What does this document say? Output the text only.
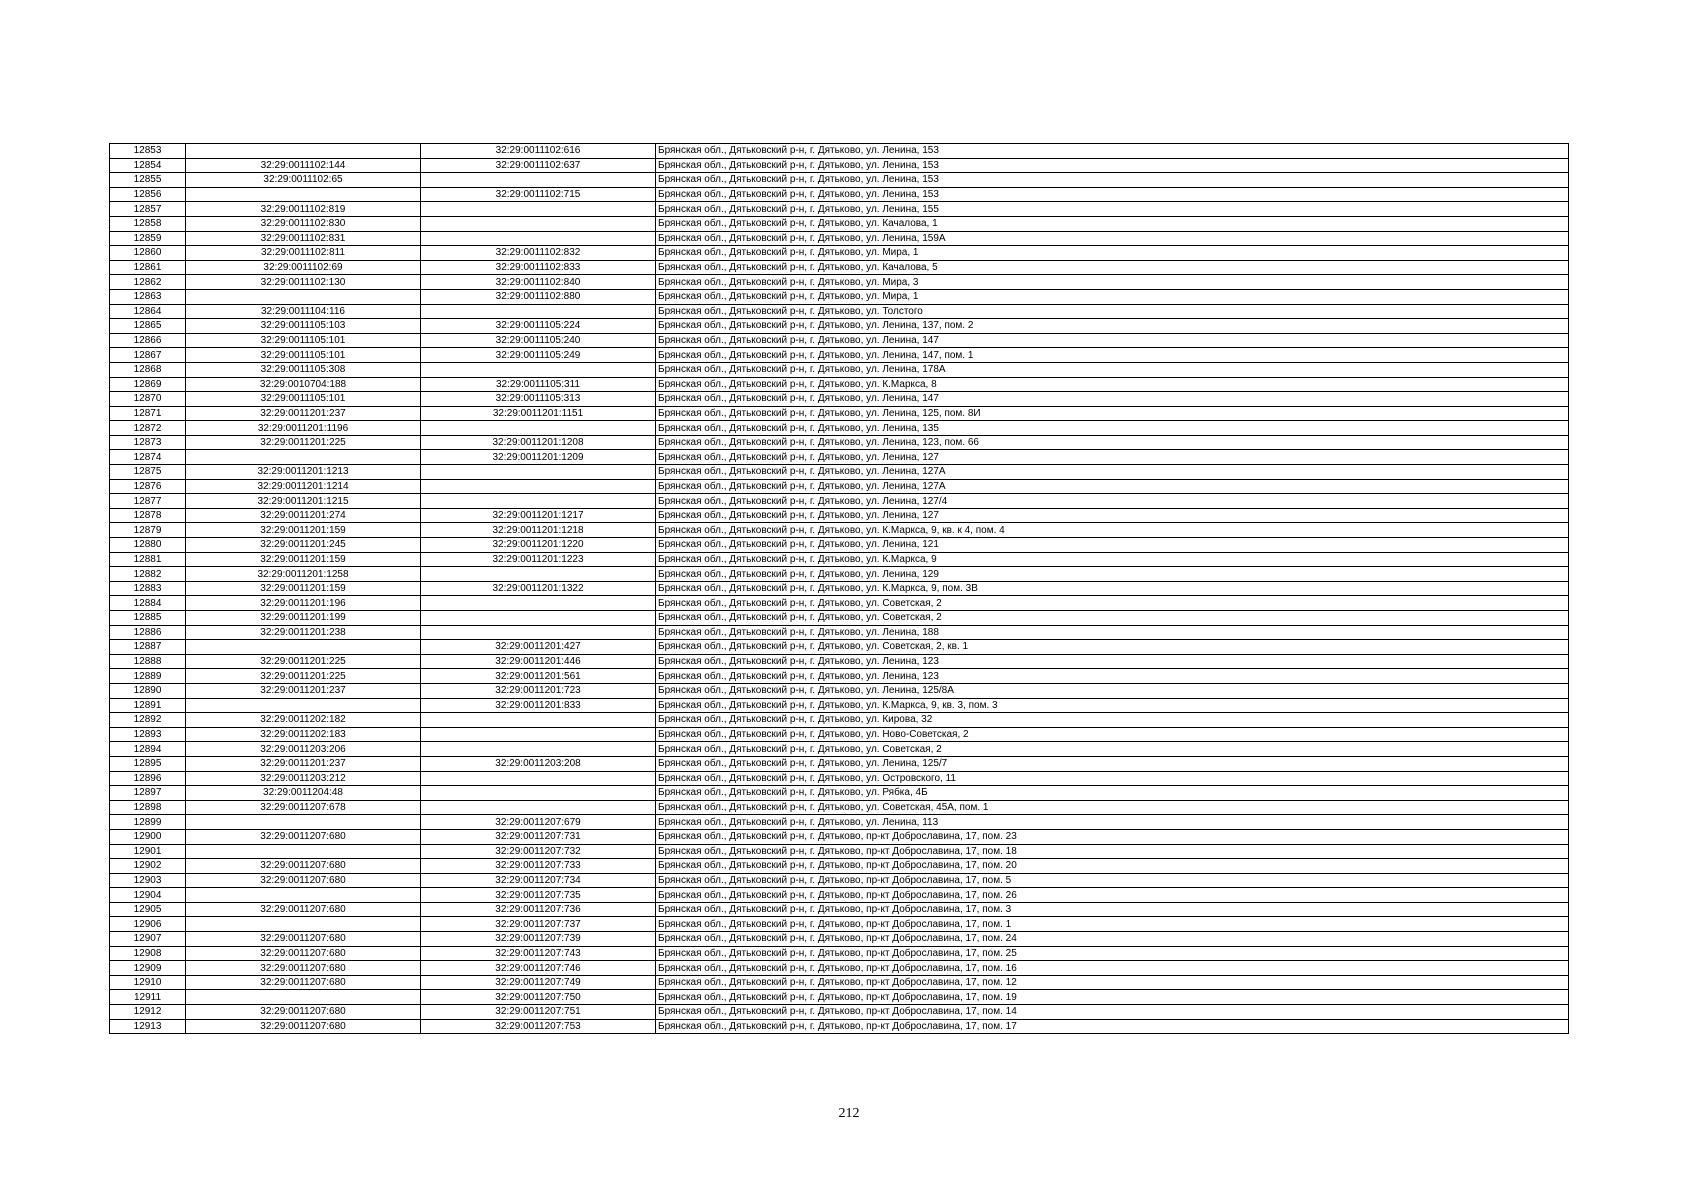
12853		32:29:0011102:616	Брянская обл., Дятьковский р-н, г. Дятьково, ул. Ленина, 153
12854	32:29:0011102:144	32:29:0011102:637	Брянская обл., Дятьковский р-н, г. Дятьково, ул. Ленина, 153
12855	32:29:0011102:65		Брянская обл., Дятьковский р-н, г. Дятьково, ул. Ленина, 153
12856		32:29:0011102:715	Брянская обл., Дятьковский р-н, г. Дятьково, ул. Ленина, 153
12857	32:29:0011102:819		Брянская обл., Дятьковский р-н, г. Дятьково, ул. Ленина, 155
12858	32:29:0011102:830		Брянская обл., Дятьковский р-н, г. Дятьково, ул. Качалова, 1
12859	32:29:0011102:831		Брянская обл., Дятьковский р-н, г. Дятьково, ул. Ленина, 159А
12860	32:29:0011102:811	32:29:0011102:832	Брянская обл., Дятьковский р-н, г. Дятьково, ул. Мира, 1
12861	32:29:0011102:69	32:29:0011102:833	Брянская обл., Дятьковский р-н, г. Дятьково, ул. Качалова, 5
12862	32:29:0011102:130	32:29:0011102:840	Брянская обл., Дятьковский р-н, г. Дятьково, ул. Мира, 3
12863		32:29:0011102:880	Брянская обл., Дятьковский р-н, г. Дятьково, ул. Мира, 1
12864	32:29:0011104:116		Брянская обл., Дятьковский р-н, г. Дятьково, ул. Толстого
12865	32:29:0011105:103	32:29:0011105:224	Брянская обл., Дятьковский р-н, г. Дятьково, ул. Ленина, 137, пом. 2
12866	32:29:0011105:101	32:29:0011105:240	Брянская обл., Дятьковский р-н, г. Дятьково, ул. Ленина, 147
12867	32:29:0011105:101	32:29:0011105:249	Брянская обл., Дятьковский р-н, г. Дятьково, ул. Ленина, 147, пом. 1
12868	32:29:0011105:308		Брянская обл., Дятьковский р-н, г. Дятьково, ул. Ленина, 178А
12869	32:29:0010704:188	32:29:0011105:311	Брянская обл., Дятьковский р-н, г. Дятьково, ул. К.Маркса, 8
12870	32:29:0011105:101	32:29:0011105:313	Брянская обл., Дятьковский р-н, г. Дятьково, ул. Ленина, 147
12871	32:29:0011201:237	32:29:0011201:1151	Брянская обл., Дятьковский р-н, г. Дятьково, ул. Ленина, 125, пом. 8И
12872	32:29:0011201:1196		Брянская обл., Дятьковский р-н, г. Дятьково, ул. Ленина, 135
12873	32:29:0011201:225	32:29:0011201:1208	Брянская обл., Дятьковский р-н, г. Дятьково, ул. Ленина, 123, пом. 66
12874		32:29:0011201:1209	Брянская обл., Дятьковский р-н, г. Дятьково, ул. Ленина, 127
12875	32:29:0011201:1213		Брянская обл., Дятьковский р-н, г. Дятьково, ул. Ленина, 127А
12876	32:29:0011201:1214		Брянская обл., Дятьковский р-н, г. Дятьково, ул. Ленина, 127А
12877	32:29:0011201:1215		Брянская обл., Дятьковский р-н, г. Дятьково, ул. Ленина, 127/4
12878	32:29:0011201:274	32:29:0011201:1217	Брянская обл., Дятьковский р-н, г. Дятьково, ул. Ленина, 127
12879	32:29:0011201:159	32:29:0011201:1218	Брянская обл., Дятьковский р-н, г. Дятьково, ул. К.Маркса, 9, кв. к 4, пом. 4
12880	32:29:0011201:245	32:29:0011201:1220	Брянская обл., Дятьковский р-н, г. Дятьково, ул. Ленина, 121
12881	32:29:0011201:159	32:29:0011201:1223	Брянская обл., Дятьковский р-н, г. Дятьково, ул. К.Маркса, 9
12882	32:29:0011201:1258		Брянская обл., Дятьковский р-н, г. Дятьково, ул. Ленина, 129
12883	32:29:0011201:159	32:29:0011201:1322	Брянская обл., Дятьковский р-н, г. Дятьково, ул. К.Маркса, 9, пом. 3В
12884	32:29:0011201:196		Брянская обл., Дятьковский р-н, г. Дятьково, ул. Советская, 2
12885	32:29:0011201:199		Брянская обл., Дятьковский р-н, г. Дятьково, ул. Советская, 2
12886	32:29:0011201:238		Брянская обл., Дятьковский р-н, г. Дятьково, ул. Ленина, 188
12887		32:29:0011201:427	Брянская обл., Дятьковский р-н, г. Дятьково, ул. Советская, 2, кв. 1
12888	32:29:0011201:225	32:29:0011201:446	Брянская обл., Дятьковский р-н, г. Дятьково, ул. Ленина, 123
12889	32:29:0011201:225	32:29:0011201:561	Брянская обл., Дятьковский р-н, г. Дятьково, ул. Ленина, 123
12890	32:29:0011201:237	32:29:0011201:723	Брянская обл., Дятьковский р-н, г. Дятьково, ул. Ленина, 125/8А
12891		32:29:0011201:833	Брянская обл., Дятьковский р-н, г. Дятьково, ул. К.Маркса, 9, кв. 3, пом. 3
12892	32:29:0011202:182		Брянская обл., Дятьковский р-н, г. Дятьково, ул. Кирова, 32
12893	32:29:0011202:183		Брянская обл., Дятьковский р-н, г. Дятьково, ул. Ново-Советская, 2
12894	32:29:0011203:206		Брянская обл., Дятьковский р-н, г. Дятьково, ул. Советская, 2
12895	32:29:0011201:237	32:29:0011203:208	Брянская обл., Дятьковский р-н, г. Дятьково, ул. Ленина, 125/7
12896	32:29:0011203:212		Брянская обл., Дятьковский р-н, г. Дятьково, ул. Островского, 11
12897	32:29:0011204:48		Брянская обл., Дятьковский р-н, г. Дятьково, ул. Рябка, 4Б
12898	32:29:0011207:678		Брянская обл., Дятьковский р-н, г. Дятьково, ул. Советская, 45А, пом. 1
12899		32:29:0011207:679	Брянская обл., Дятьковский р-н, г. Дятьково, ул. Ленина, 113
12900	32:29:0011207:680	32:29:0011207:731	Брянская обл., Дятьковский р-н, г. Дятьково, пр-кт Доброславина, 17, пом. 23
12901		32:29:0011207:732	Брянская обл., Дятьковский р-н, г. Дятьково, пр-кт Доброславина, 17, пом. 18
12902	32:29:0011207:680	32:29:0011207:733	Брянская обл., Дятьковский р-н, г. Дятьково, пр-кт Доброславина, 17, пом. 20
12903	32:29:0011207:680	32:29:0011207:734	Брянская обл., Дятьковский р-н, г. Дятьково, пр-кт Доброславина, 17, пом. 5
12904		32:29:0011207:735	Брянская обл., Дятьковский р-н, г. Дятьково, пр-кт Доброславина, 17, пом. 26
12905	32:29:0011207:680	32:29:0011207:736	Брянская обл., Дятьковский р-н, г. Дятьково, пр-кт Доброславина, 17, пом. 3
12906		32:29:0011207:737	Брянская обл., Дятьковский р-н, г. Дятьково, пр-кт Доброславина, 17, пом. 1
12907	32:29:0011207:680	32:29:0011207:739	Брянская обл., Дятьковский р-н, г. Дятьково, пр-кт Доброславина, 17, пом. 24
12908	32:29:0011207:680	32:29:0011207:743	Брянская обл., Дятьковский р-н, г. Дятьково, пр-кт Доброславина, 17, пом. 25
12909	32:29:0011207:680	32:29:0011207:746	Брянская обл., Дятьковский р-н, г. Дятьково, пр-кт Доброславина, 17, пом. 16
12910	32:29:0011207:680	32:29:0011207:749	Брянская обл., Дятьковский р-н, г. Дятьково, пр-кт Доброславина, 17, пом. 12
12911		32:29:0011207:750	Брянская обл., Дятьковский р-н, г. Дятьково, пр-кт Доброславина, 17, пом. 19
12912	32:29:0011207:680	32:29:0011207:751	Брянская обл., Дятьковский р-н, г. Дятьково, пр-кт Доброславина, 17, пом. 14
12913	32:29:0011207:680	32:29:0011207:753	Брянская обл., Дятьковский р-н, г. Дятьково, пр-кт Доброславина, 17, пом. 17
212
